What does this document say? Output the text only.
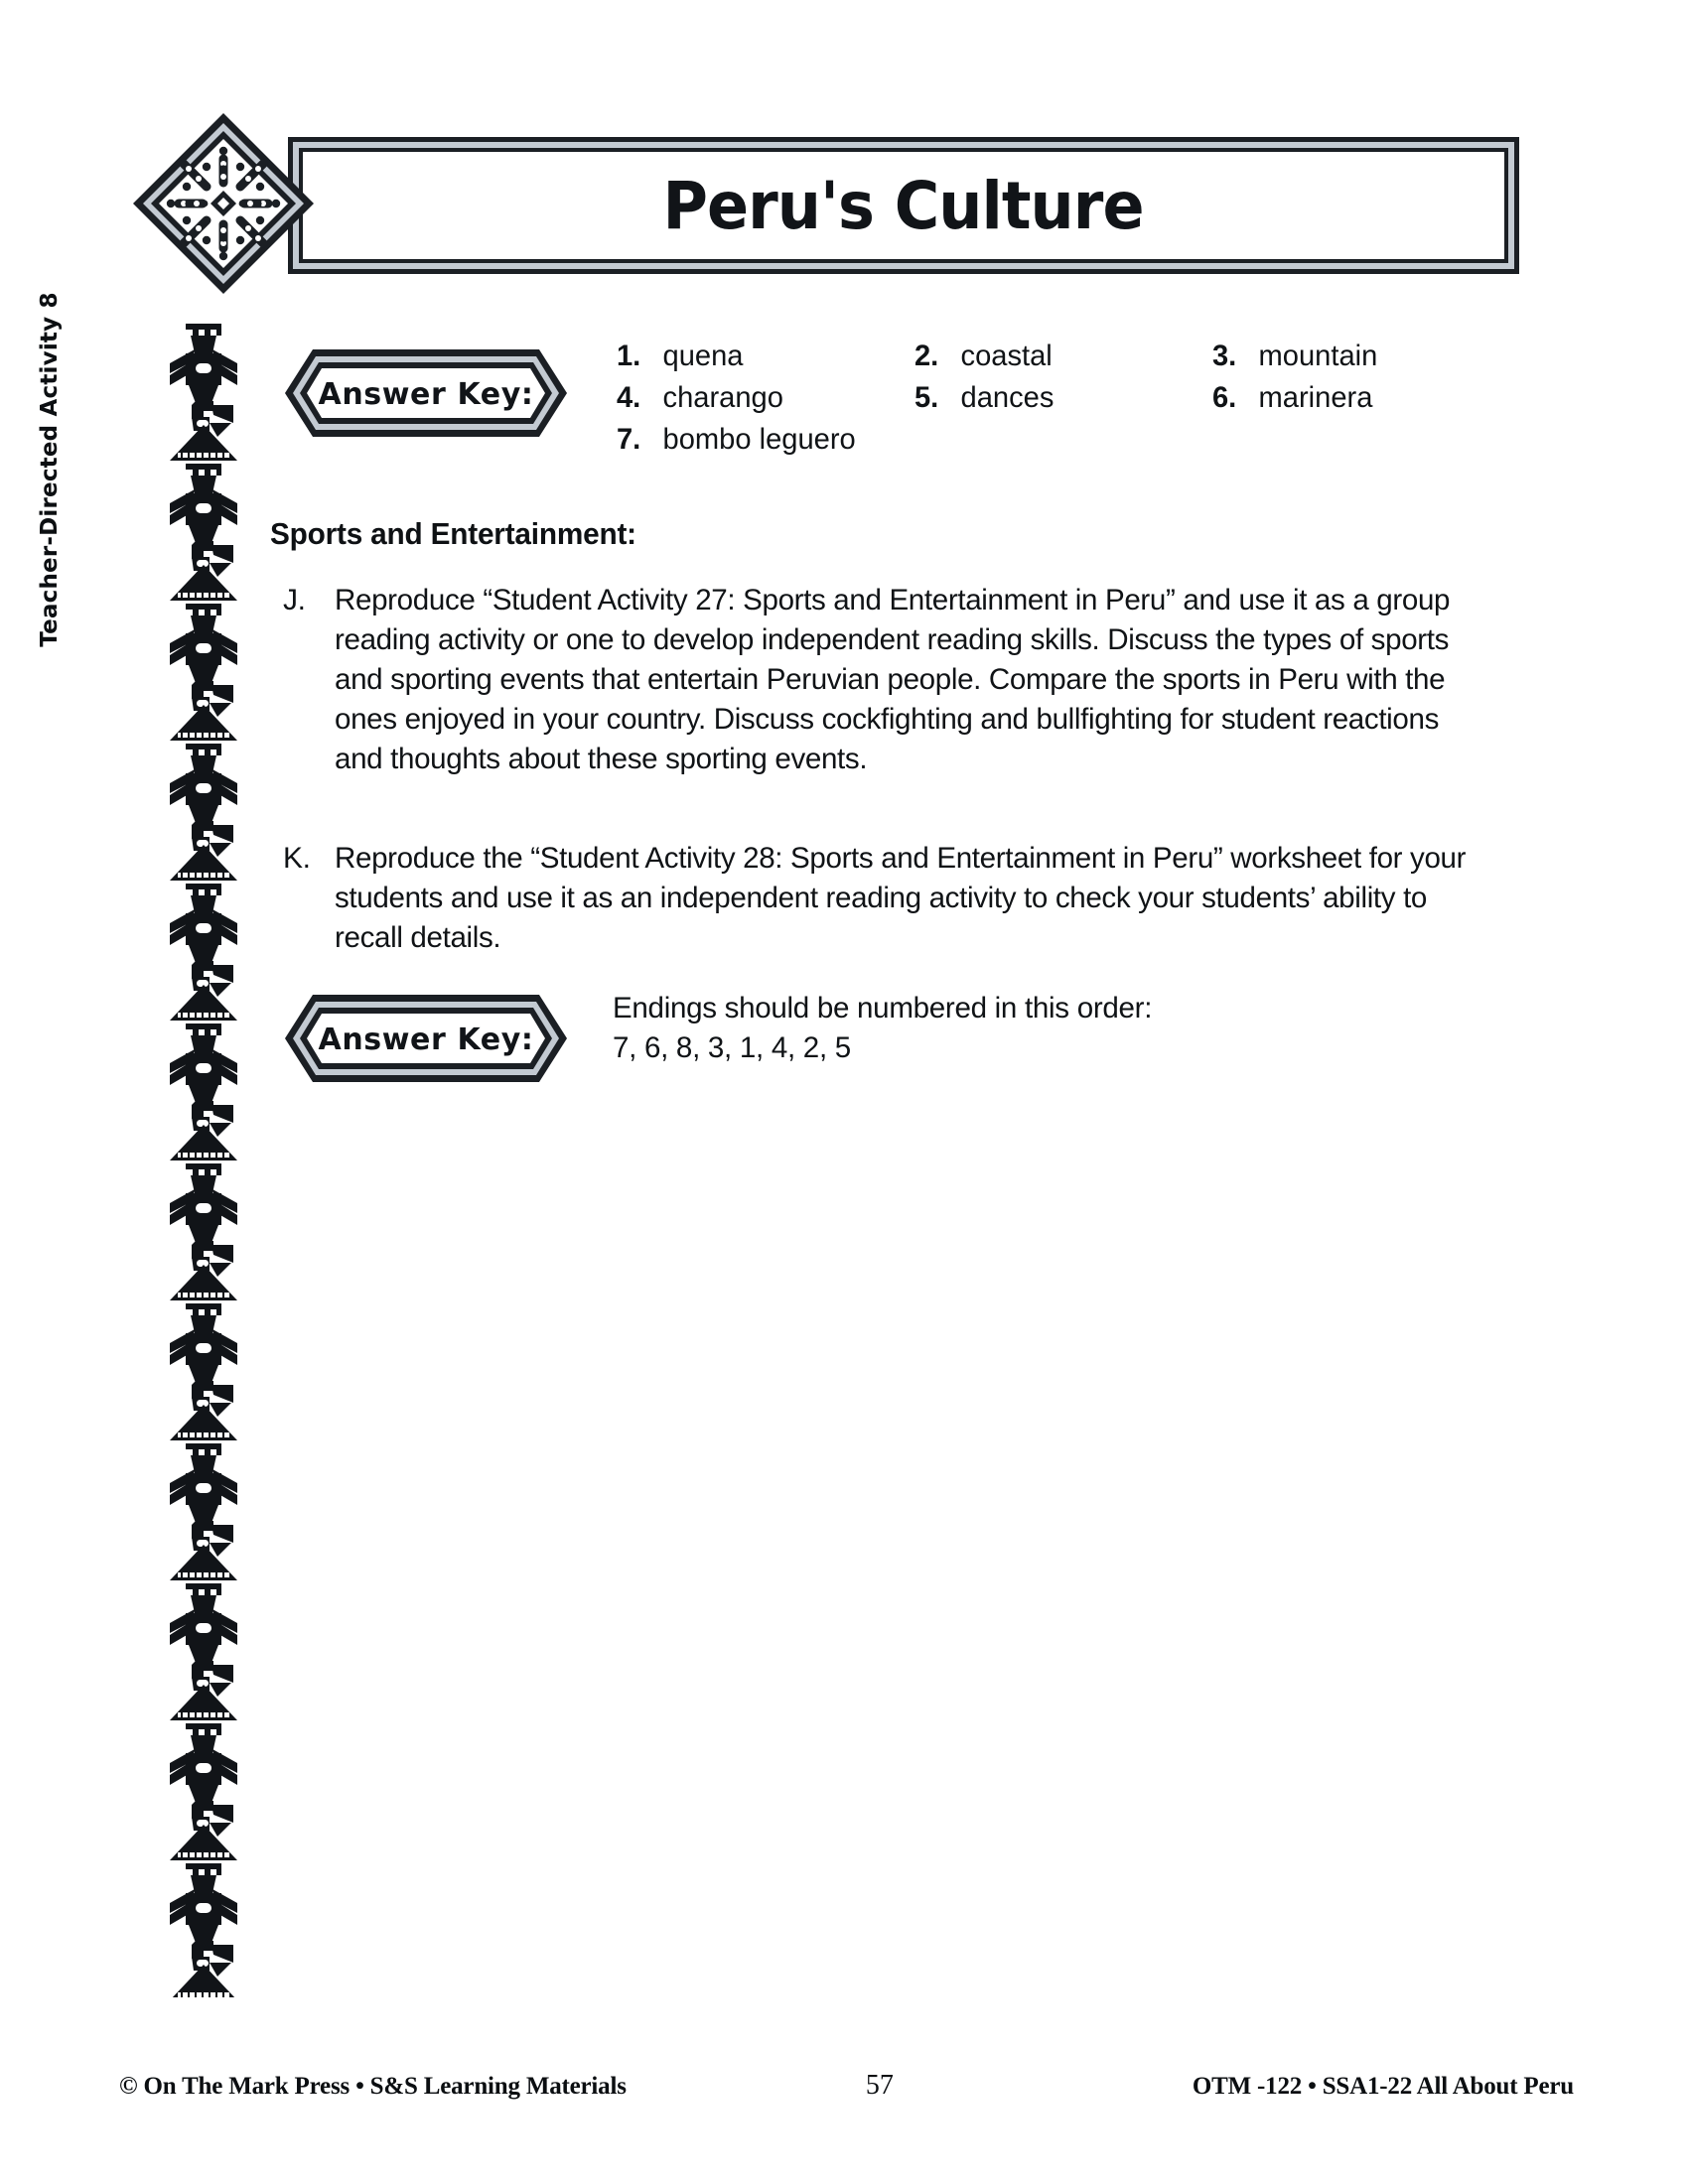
Peru's Culture
Teacher-Directed Activity 8	Answer Key:
1. quena	2. coastal	3. mountain
4. charango	5. dances	6. marinera
7. bombo leguero
Sports and Entertainment:
J. Reproduce “Student Activity 27: Sports and Entertainment in Peru” and use it as a group reading activity or one to develop independent reading skills. Discuss the types of sports and sporting events that entertain Peruvian people. Compare the sports in Peru with the ones enjoyed in your country. Discuss cockfighting and bullfighting for student reactions and thoughts about these sporting events.
K. Reproduce the “Student Activity 28: Sports and Entertainment in Peru” worksheet for your students and use it as an independent reading activity to check your students’ ability to recall details.
Answer Key:
Endings should be numbered in this order:
7, 6, 8, 3, 1, 4, 2, 5
© On The Mark Press • S&S Learning Materials	57	OTM -122 • SSA1-22 All About Peru
